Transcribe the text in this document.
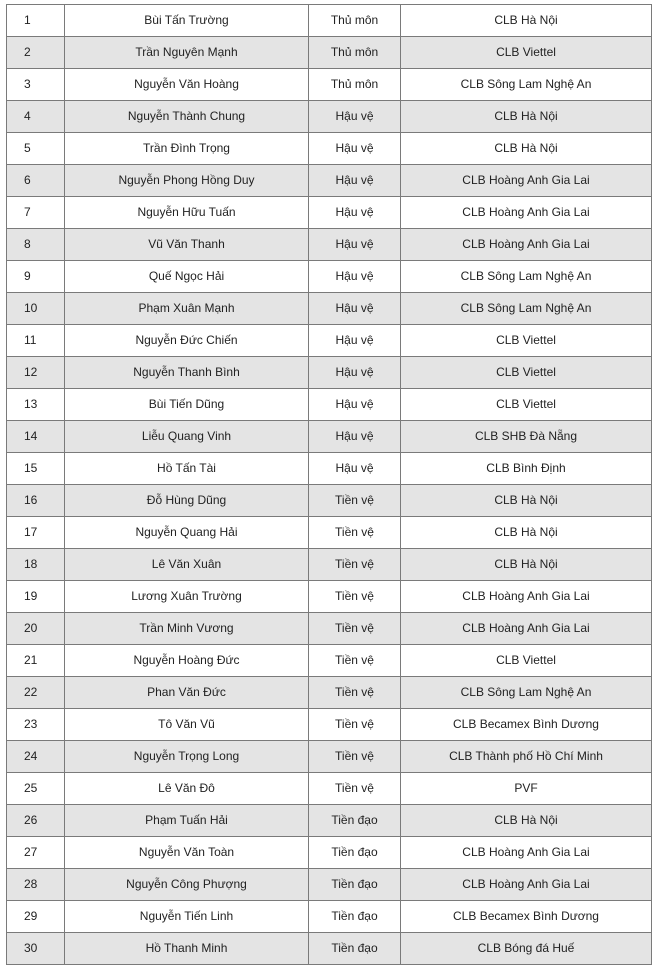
1	Bùi Tấn Trường	Thủ môn	CLB Hà Nội
2	Trần Nguyên Mạnh	Thủ môn	CLB Viettel
3	Nguyễn Văn Hoàng	Thủ môn	CLB Sông Lam Nghệ An
4	Nguyễn Thành Chung	Hậu vệ	CLB Hà Nội
5	Trần Đình Trọng	Hậu vệ	CLB Hà Nội
6	Nguyễn Phong Hồng Duy	Hậu vệ	CLB Hoàng Anh Gia Lai
7	Nguyễn Hữu Tuấn	Hậu vệ	CLB Hoàng Anh Gia Lai
8	Vũ Văn Thanh	Hậu vệ	CLB Hoàng Anh Gia Lai
9	Quế Ngọc Hải	Hậu vệ	CLB Sông Lam Nghệ An
10	Phạm Xuân Mạnh	Hậu vệ	CLB Sông Lam Nghệ An
11	Nguyễn Đức Chiến	Hậu vệ	CLB Viettel
12	Nguyễn Thanh Bình	Hậu vệ	CLB Viettel
13	Bùi Tiến Dũng	Hậu vệ	CLB Viettel
14	Liễu Quang Vinh	Hậu vệ	CLB SHB Đà Nẵng
15	Hồ Tấn Tài	Hậu vệ	CLB Bình Định
16	Đỗ Hùng Dũng	Tiền vệ	CLB Hà Nội
17	Nguyễn Quang Hải	Tiền vệ	CLB Hà Nội
18	Lê Văn Xuân	Tiền vệ	CLB Hà Nội
19	Lương Xuân Trường	Tiền vệ	CLB Hoàng Anh Gia Lai
20	Trần Minh Vương	Tiền vệ	CLB Hoàng Anh Gia Lai
21	Nguyễn Hoàng Đức	Tiền vệ	CLB Viettel
22	Phan Văn Đức	Tiền vệ	CLB Sông Lam Nghệ An
23	Tô Văn Vũ	Tiền vệ	CLB Becamex Bình Dương
24	Nguyễn Trọng Long	Tiền vệ	CLB Thành phố Hồ Chí Minh
25	Lê Văn Đô	Tiền vệ	PVF
26	Phạm Tuấn Hải	Tiền đạo	CLB Hà Nội
27	Nguyễn Văn Toàn	Tiền đạo	CLB Hoàng Anh Gia Lai
28	Nguyễn Công Phượng	Tiền đạo	CLB Hoàng Anh Gia Lai
29	Nguyễn Tiến Linh	Tiền đạo	CLB Becamex Bình Dương
30	Hồ Thanh Minh	Tiền đạo	CLB Bóng đá Huế
